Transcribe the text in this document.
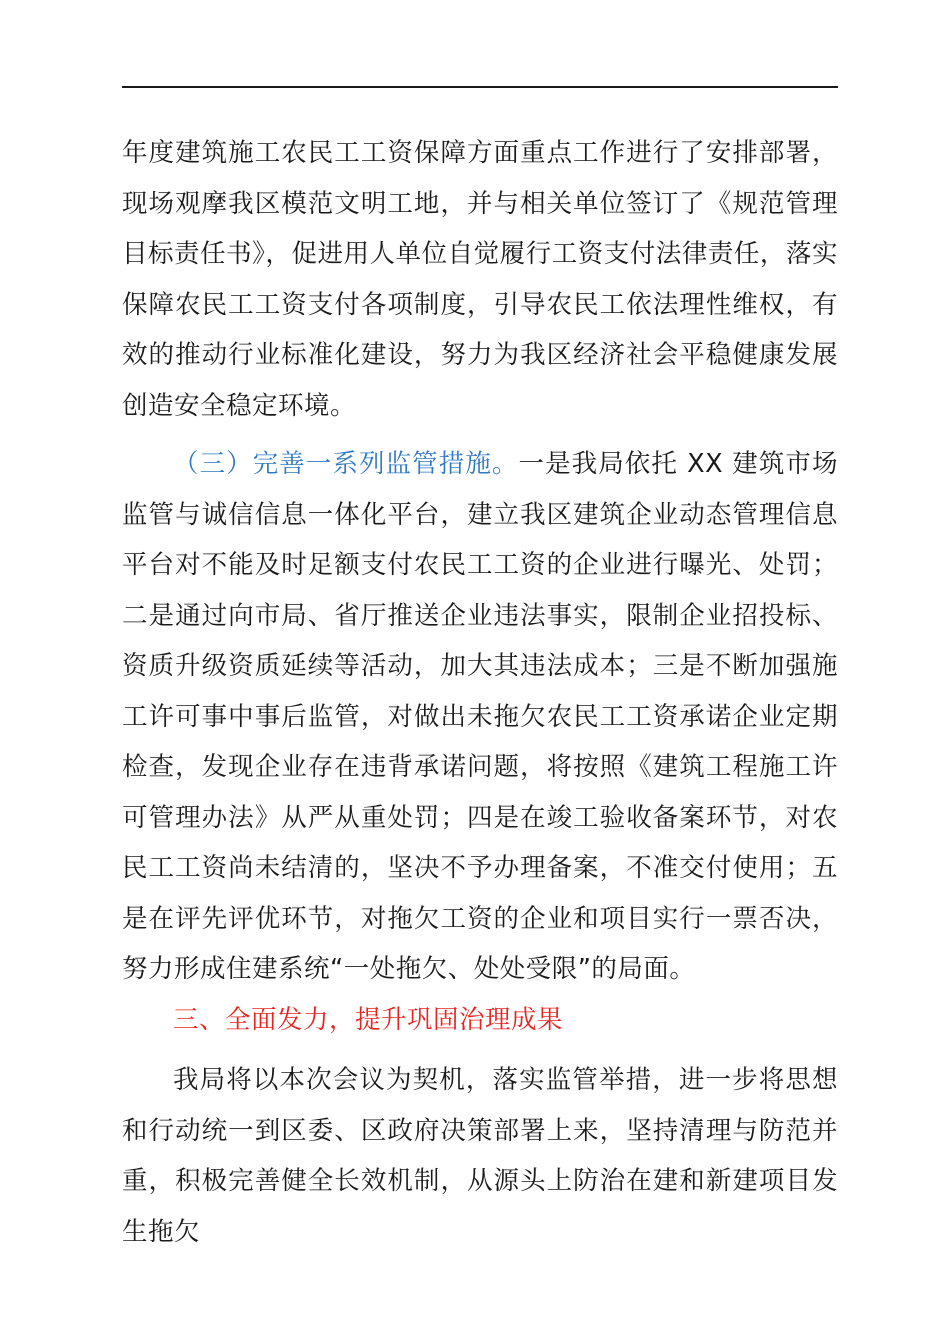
年度建筑施工农民工工资保障方面重点工作进行了安排部署，现场观摩我区模范文明工地，并与相关单位签订了《规范管理目标责任书》，促进用人单位自觉履行工资支付法律责任，落实保障农民工工资支付各项制度，引导农民工依法理性维权，有效的推动行业标准化建设，努力为我区经济社会平稳健康发展创造安全稳定环境。

（三）完善一系列监管措施。一是我局依托 XX 建筑市场监管与诚信信息一体化平台，建立我区建筑企业动态管理信息平台对不能及时足额支付农民工工资的企业进行曝光、处罚；二是通过向市局、省厅推送企业违法事实，限制企业招投标、资质升级资质延续等活动，加大其违法成本；三是不断加强施工许可事中事后监管，对做出未拖欠农民工工资承诺企业定期检查，发现企业存在违背承诺问题，将按照《建筑工程施工许可管理办法》从严从重处罚；四是在竣工验收备案环节，对农民工工资尚未结清的，坚决不予办理备案，不准交付使用；五是在评先评优环节，对拖欠工资的企业和项目实行一票否决，努力形成住建系统“一处拖欠、处处受限”的局面。

三、全面发力，提升巩固治理成果

我局将以本次会议为契机，落实监管举措，进一步将思想和行动统一到区委、区政府决策部署上来，坚持清理与防范并重，积极完善健全长效机制，从源头上防治在建和新建项目发生拖欠
